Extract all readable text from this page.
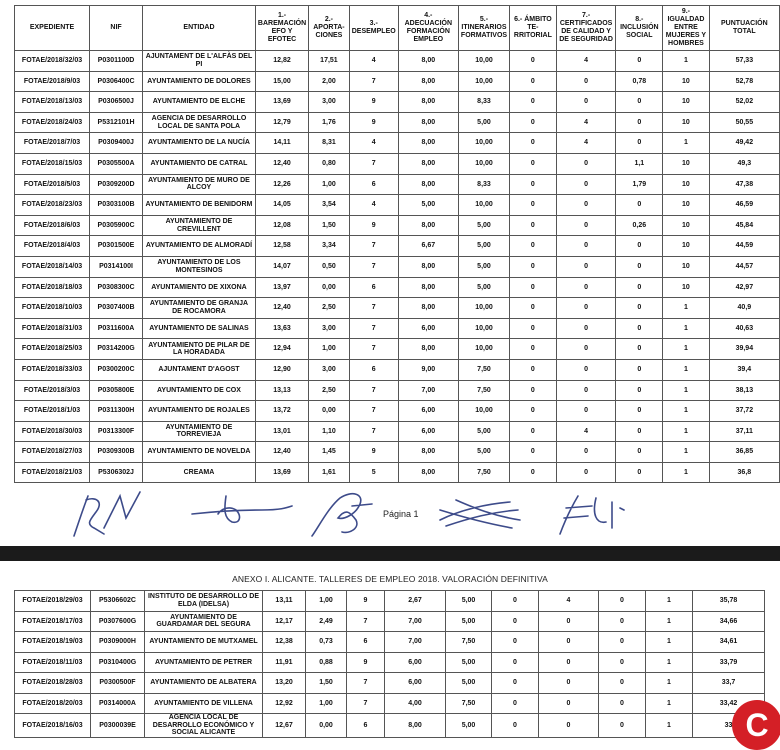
EXPEDIENTE	NIF	ENTIDAD	1.- BAREMACIÓN EFO Y EFOTEC	2.- APORTA- CIONES	3.- DESEMPLEO	4.- ADECUACIÓN FORMACIÓN EMPLEO	5.- ITINERARIOS FORMATIVOS	6.- ÁMBITO TE- RRITORIAL	7.- CERTIFICADOS DE CALIDAD Y DE SEGURIDAD	8.- INCLUSIÓN SOCIAL	9.- IGUALDAD ENTRE MUJERES Y HOMBRES	PUNTUACIÓN TOTAL
FOTAE/2018/32/03	P0301100D	AJUNTAMENT DE L'ALFÀS DEL PI	12,82	17,51	4	8,00	10,00	0	4	0	1	57,33
FOTAE/2018/9/03	P0306400C	AYUNTAMIENTO DE DOLORES	15,00	2,00	7	8,00	10,00	0	0	0,78	10	52,78
FOTAE/2018/13/03	P0306500J	AYUNTAMIENTO DE ELCHE	13,69	3,00	9	8,00	8,33	0	0	0	10	52,02
FOTAE/2018/24/03	P5312101H	AGENCIA DE DESARROLLO LOCAL DE SANTA POLA	12,79	1,76	9	8,00	5,00	0	4	0	10	50,55
FOTAE/2018/7/03	P0309400J	AYUNTAMIENTO DE LA NUCÍA	14,11	8,31	4	8,00	10,00	0	4	0	1	49,42
FOTAE/2018/15/03	P0305500A	AYUNTAMIENTO DE CATRAL	12,40	0,80	7	8,00	10,00	0	0	1,1	10	49,3
FOTAE/2018/5/03	P0309200D	AYUNTAMIENTO DE MURO DE ALCOY	12,26	1,00	6	8,00	8,33	0	0	1,79	10	47,38
FOTAE/2018/23/03	P0303100B	AYUNTAMIENTO DE BENIDORM	14,05	3,54	4	5,00	10,00	0	0	0	10	46,59
FOTAE/2018/6/03	P0305900C	AYUNTAMIENTO DE CREVILLENT	12,08	1,50	9	8,00	5,00	0	0	0,26	10	45,84
FOTAE/2018/4/03	P0301500E	AYUNTAMIENTO DE ALMORADÍ	12,58	3,34	7	6,67	5,00	0	0	0	10	44,59
FOTAE/2018/14/03	P0314100I	AYUNTAMIENTO DE LOS MONTESINOS	14,07	0,50	7	8,00	5,00	0	0	0	10	44,57
FOTAE/2018/18/03	P0308300C	AYUNTAMIENTO DE XIXONA	13,97	0,00	6	8,00	5,00	0	0	0	10	42,97
FOTAE/2018/10/03	P0307400B	AYUNTAMIENTO DE GRANJA DE ROCAMORA	12,40	2,50	7	8,00	10,00	0	0	0	1	40,9
FOTAE/2018/31/03	P0311600A	AYUNTAMIENTO DE SALINAS	13,63	3,00	7	6,00	10,00	0	0	0	1	40,63
FOTAE/2018/25/03	P0314200G	AYUNTAMIENTO DE PILAR DE LA HORADADA	12,94	1,00	7	8,00	10,00	0	0	0	1	39,94
FOTAE/2018/33/03	P0300200C	AJUNTAMENT D'AGOST	12,90	3,00	6	9,00	7,50	0	0	0	1	39,4
FOTAE/2018/3/03	P0305800E	AYUNTAMIENTO DE COX	13,13	2,50	7	7,00	7,50	0	0	0	1	38,13
FOTAE/2018/1/03	P0311300H	AYUNTAMIENTO DE ROJALES	13,72	0,00	7	6,00	10,00	0	0	0	1	37,72
FOTAE/2018/30/03	P0313300F	AYUNTAMIENTO DE TORREVIEJA	13,01	1,10	7	6,00	5,00	0	4	0	1	37,11
FOTAE/2018/27/03	P0309300B	AYUNTAMIENTO DE NOVELDA	12,40	1,45	9	8,00	5,00	0	0	0	1	36,85
FOTAE/2018/21/03	P5306302J	CREAMA	13,69	1,61	5	8,00	7,50	0	0	0	1	36,8
Página 1
ANEXO I. ALICANTE. TALLERES DE EMPLEO 2018. VALORACIÓN DEFINITIVA
FOTAE/2018/29/03	P5306602C	INSTITUTO DE DESARROLLO DE ELDA (IDELSA)	13,11	1,00	9	2,67	5,00	0	4	0	1	35,78
FOTAE/2018/17/03	P0307600G	AYUNTAMIENTO DE GUARDAMAR DEL SEGURA	12,17	2,49	7	7,00	5,00	0	0	0	1	34,66
FOTAE/2018/19/03	P0309000H	AYUNTAMIENTO DE MUTXAMEL	12,38	0,73	6	7,00	7,50	0	0	0	1	34,61
FOTAE/2018/11/03	P0310400G	AYUNTAMIENTO DE PETRER	11,91	0,88	9	6,00	5,00	0	0	0	1	33,79
FOTAE/2018/28/03	P0300500F	AYUNTAMIENTO DE ALBATERA	13,20	1,50	7	6,00	5,00	0	0	0	1	33,7
FOTAE/2018/20/03	P0314000A	AYUNTAMIENTO DE VILLENA	12,92	1,00	7	4,00	7,50	0	0	0	1	33,42
FOTAE/2018/16/03	P0300039E	AGENCIA LOCAL DE DESARROLLO ECONÓMICO Y SOCIAL ALICANTE	12,67	0,00	6	8,00	5,00	0	0	0	1	33 C
